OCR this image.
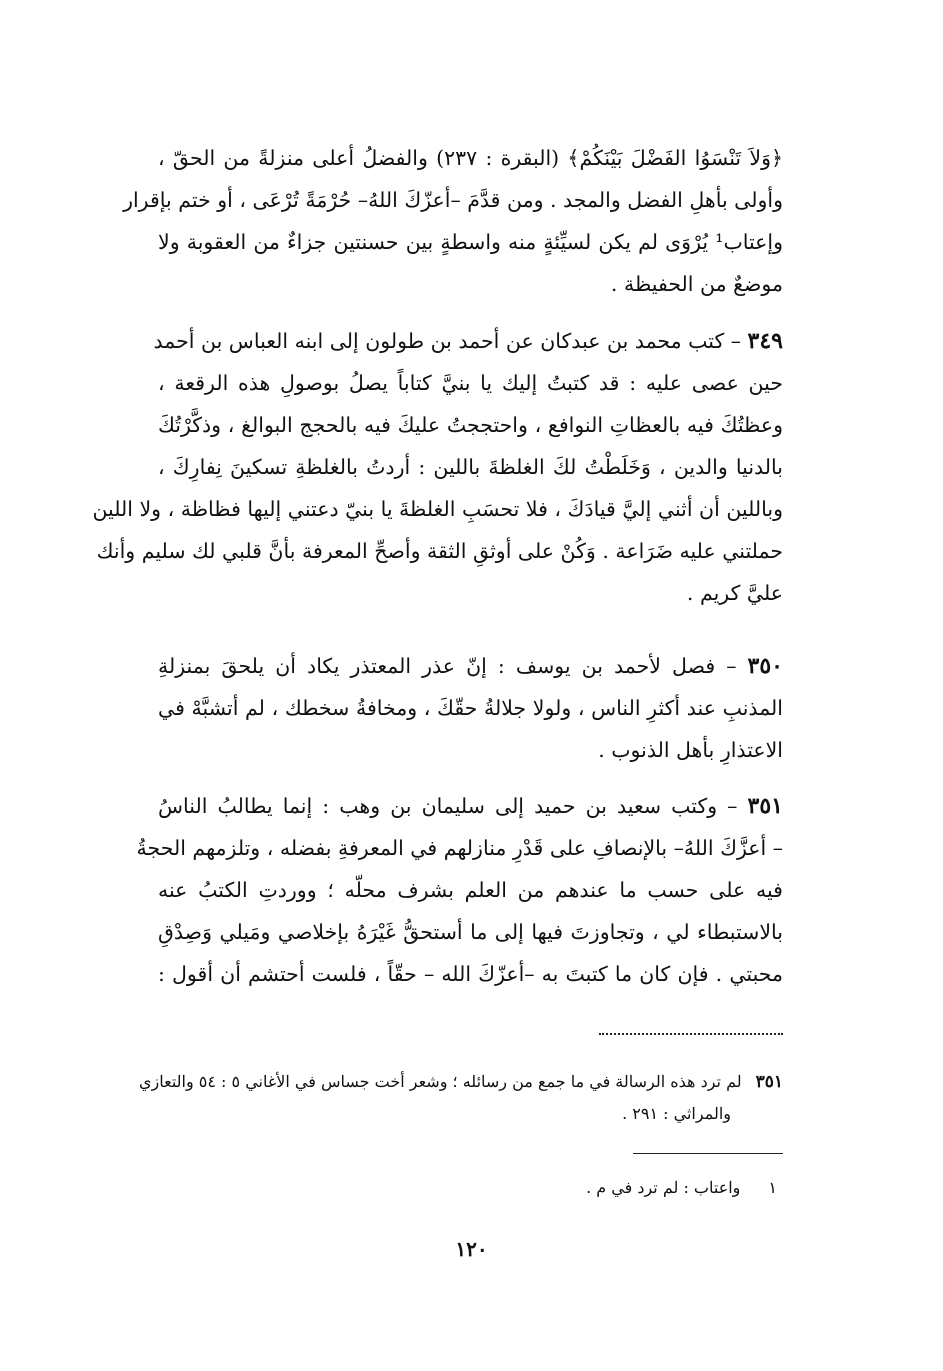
﴿وَلاَ تَنْسَوُا الفَضْلَ بَيْنَكُمْ﴾ (البقرة : ٢٣٧) والفضلُ أعلى منزلةً من الحقّ ،
وأولى بأهلِ الفضل والمجد . ومن قدَّمَ –أعزّكَ اللهُ– حُرْمَةً تُرْعَى ، أو ختم بإقرار
وإعتاب¹ يُرْوَى لم يكن لسيِّئةٍ منه واسطةٍ بين حسنتين جزاءٌ من العقوبة ولا
موضعٌ من الحفيظة .
٣٤٩ – كتب محمد بن عبدكان عن أحمد بن طولون إلى ابنه العباس بن أحمد
حين عصى عليه : قد كتبتُ إليك يا بنيَّ كتاباً يصلُ بوصولِ هذه الرقعة ،
وعظتُكَ فيه بالعظاتِ النوافع ، واحتججتُ عليكَ فيه بالحجج البوالغ ، وذكَّرْتُكَ
بالدنيا والدين ، وَخَلَطْتُ لكَ الغلظةَ باللين : أردتُ بالغلظةِ تسكينَ نِفارِكَ ،
وباللين أن أثني إليَّ قيادَكَ ، فلا تحسَبِ الغلظةَ يا بنيّ دعتني إليها فظاظة ، ولا اللين
حملتني عليه ضَرَاعة . وَكُنْ على أوثقِ الثقة وأصحِّ المعرفة بأنَّ قلبي لك سليم وأنك
عليَّ كريم .
٣٥٠ – فصل لأحمد بن يوسف : إنّ عذر المعتذر يكاد أن يلحقَ بمنزلةِ
المذنبِ عند أكثرِ الناس ، ولولا جلالةُ حقّكَ ، ومخافةُ سخطك ، لم أتشبَّهْ في
الاعتذارِ بأهل الذنوب .
٣٥١ – وكتب سعيد بن حميد إلى سليمان بن وهب : إنما يطالبُ الناسُ
– أعزَّكَ اللهُ– بالإنصافِ على قَدْرِ منازلهم في المعرفةِ بفضله ، وتلزمهم الحجةُ
فيه على حسب ما عندهم من العلم بشرف محلّه ؛ ووردتِ الكتبُ عنه
بالاستبطاء لي ، وتجاوزتَ فيها إلى ما أستحقُّ غَيْرَهُ بإخلاصي ومَيلي وَصِدْقِ
محبتي . فإن كان ما كتبتَ به –أعزّكَ الله – حقّاً ، فلست أحتشم أن أقول :
٣٥١لم ترد هذه الرسالة في ما جمع من رسائله ؛ وشعر أخت جساس في الأغاني ٥ : ٥٤ والتعازي
والمراثي : ٢٩١ .
١واعتاب : لم ترد في م .
١٢٠
